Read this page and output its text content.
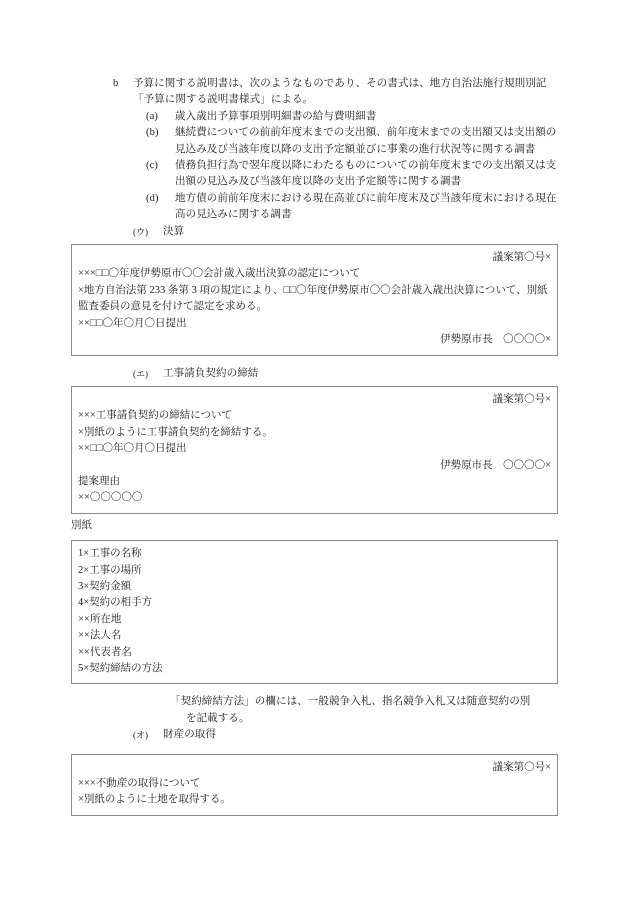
b	予算に関する説明書は、次のようなものであり、その書式は、地方自治法施行規則別記「予算に関する説明書様式」による。
(a)	歳入歳出予算事項別明細書の給与費明細書
(b)	継続費についての前前年度末までの支出額、前年度末までの支出額又は支出額の見込み及び当該年度以降の支出予定額並びに事業の進行状況等に関する調書
(c)	債務負担行為で翌年度以降にわたるものについての前年度末までの支出額又は支出額の見込み及び当該年度以降の支出予定額等に関する調書
(d)	地方債の前前年度末における現在高並びに前年度末及び当該年度末における現在高の見込みに関する調書
(ウ)	決算
議案第〇号×
×××□□〇年度伊勢原市〇〇会計歳入歳出決算の認定について
×地方自治法第 233 条第 3 項の規定により、□□〇年度伊勢原市〇〇会計歳入歳出決算について、別紙監査委員の意見を付けて認定を求める。
××□□〇年〇月〇日提出
伊勢原市長　〇〇〇〇×
(エ)	工事請負契約の締結
議案第〇号×
×××工事請負契約の締結について
×別紙のように工事請負契約を締結する。
××□□〇年〇月〇日提出
伊勢原市長　〇〇〇〇×
提案理由
××〇〇〇〇〇
別紙
1×工事の名称
2×工事の場所
3×契約金額
4×契約の相手方
××所在地
××法人名
××代表者名
5×契約締結の方法
「契約締結方法」の欄には、一般競争入札、指名競争入札又は随意契約の別
を記載する。
(オ)	財産の取得
議案第〇号×
×××不動産の取得について
×別紙のように土地を取得する。
